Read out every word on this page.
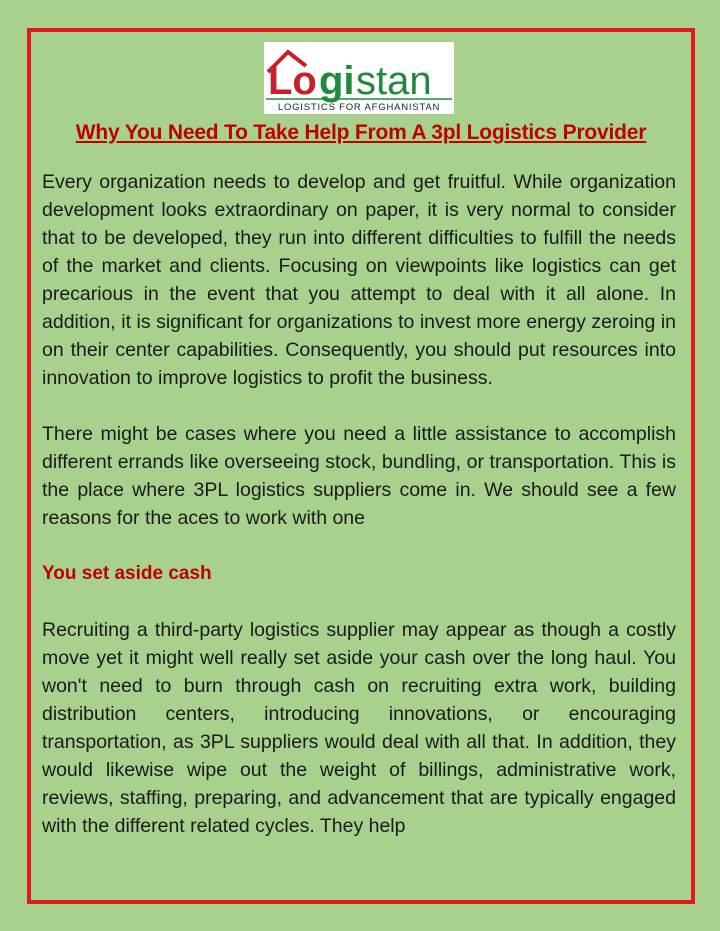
Lo gi stan
LOGISTICS FOR AFGHANISTAN
Why You Need To Take Help From A 3pl Logistics Provider

Every organization needs to develop and get fruitful. While organization development looks extraordinary on paper, it is very normal to consider that to be developed, they run into different difficulties to fulfill the needs of the market and clients. Focusing on viewpoints like logistics can get precarious in the event that you attempt to deal with it all alone. In addition, it is significant for organizations to invest more energy zeroing in on their center capabilities. Consequently, you should put resources into innovation to improve logistics to profit the business.

There might be cases where you need a little assistance to accomplish different errands like overseeing stock, bundling, or transportation. This is the place where 3PL logistics suppliers come in. We should see a few reasons for the aces to work with one

You set aside cash

Recruiting a third-party logistics supplier may appear as though a costly move yet it might well really set aside your cash over the long haul. You won't need to burn through cash on recruiting extra work, building distribution centers, introducing innovations, or encouraging transportation, as 3PL suppliers would deal with all that. In addition, they would likewise wipe out the weight of billings, administrative work, reviews, staffing, preparing, and advancement that are typically engaged with the different related cycles. They help
